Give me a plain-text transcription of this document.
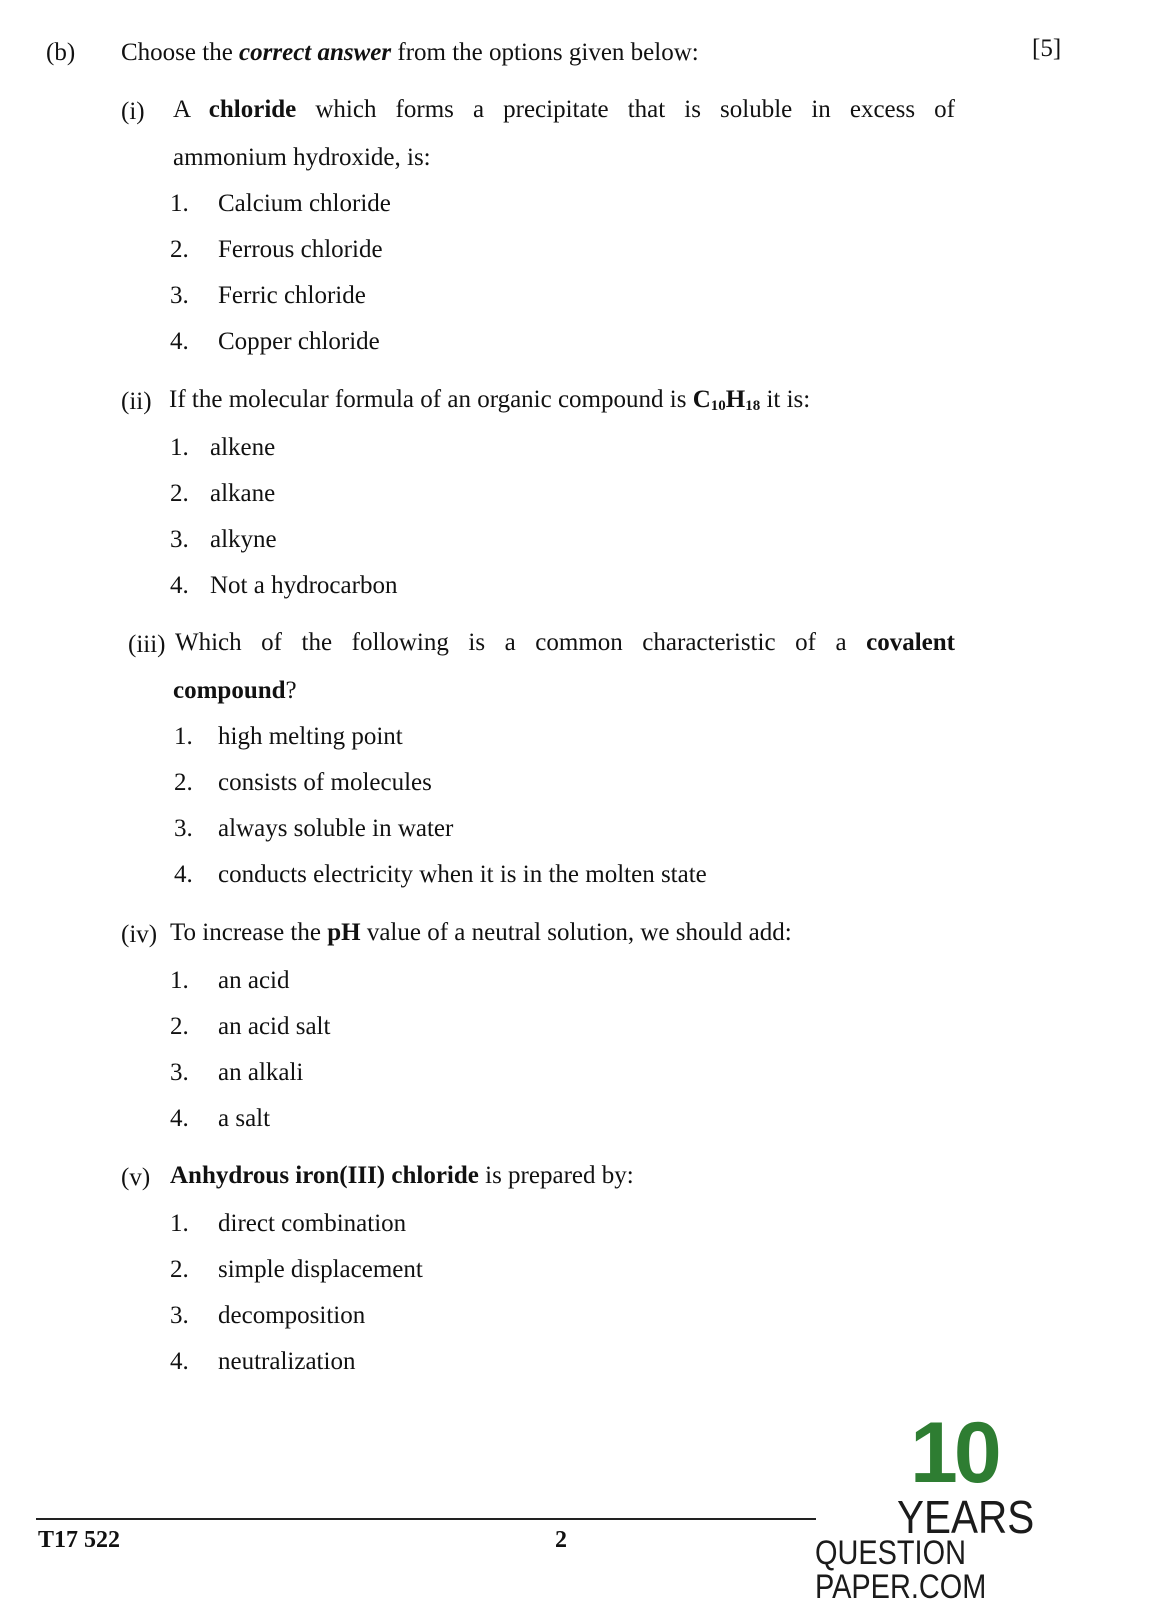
(b) Choose the correct answer from the options given below:	[5]
(i) A chloride which forms a precipitate that is soluble in excess of
ammonium hydroxide, is:
1. Calcium chloride
2. Ferrous chloride
3. Ferric chloride
4. Copper chloride
(ii) If the molecular formula of an organic compound is $C_{10}H_{18}$ it is:
1. alkene
2. alkane
3. alkyne
4. Not a hydrocarbon
(iii) Which of the following is a common characteristic of a covalent
compound?
1. high melting point
2. consists of molecules
3. always soluble in water
4. conducts electricity when it is in the molten state
(iv) To increase the pH value of a neutral solution, we should add:
1. an acid
2. an acid salt
3. an alkali
4. a salt
(v) Anhydrous iron(III) chloride is prepared by:
1. direct combination
2. simple displacement
3. decomposition
4. neutralization
T17 522	2
10
YEARS
QUESTION PAPER.COM
